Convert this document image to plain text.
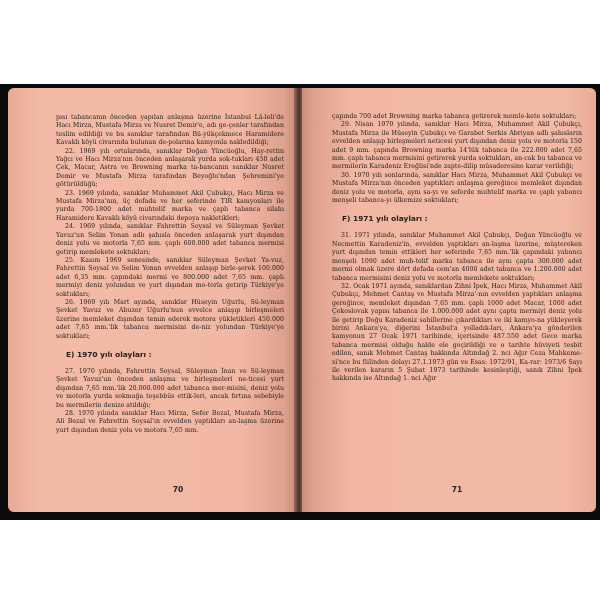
pısı tabancanın önceden yapılan anlaşma üzerine İstanbul Lâ-leli'de Hacı Mirza, Mustafa Mirza ve Nusret Demir'e, adı ge-çenler tarafından teslim edildiği ve bu sanıklar tarafından Bü-yükçekmece Haramidere Kavaklı köyü civarında bulunan de-polarına kamyonla nakledildiği;

22. 1969 yılı ortalarında, sanıklar Doğan Yüncüoğlu, Hay-rettin Yağcı ve Hacı Mirza'nın önceden anlaşarak yurda sok-tukları 450 adet Çek, Macar, Astra ve Browning marka ta-bancanın sanıklar Nusret Demir ve Mustafa Mirza tarafından Beyoğlu'ndan Şehremini'ye götürüldüğü;

23. 1969 yılında, sanıklar Muhammet Akil Çubukçı, Hacı Mirza ve Mustafa Mirza'nın, üç defada ve her seferinde TIR kamyonları ile yurda 700-1800 adet muhtelif marka ve çaplı tabanca silahı Haramidere Kavaklı köyü civarındaki depoya nakletikleri;

24. 1969 yılında, sanıklar Fahrettin Soysal ve Süleyman Şevket Yavuz'un Selim Yonan adlı şahısla önceden anlaşarak yurt dışından deniz yolu ve motorla 7,65 mm. çaplı 600.000 adet tabanca mermisi getirip memlekete soktukları;

25. Kasım 1969 senesinde, sanıklar Süleyman Şevket Ya-vuz, Fahrettin Soysal ve Selim Yonan evvelden anlaşıp birle-şerek 100.000 adet 6,35 mm. çapındaki mermi ve 800.000 adet 7,65 mm. çaplı mermiyi deniz yolundan ve yurt dışından mo-torla getirip Türkiye'ye soktukları;

26. 1969 yılı Mart ayında, sanıklar Hüseyin Uğurlu, Sü-leyman Şevket Yavuz ve Abuzer Uğurlu'nun evvelce anlaşıp birleşmeleri üzerine memleket dışından temin ederek motora yükletikleri 450.000 adet 7,65 mm.'lik tabanca mermisini de-niz yolundan Türkiye'ye soktukları;

E) 1970 yılı olayları :

27. 1970 yılında, Fahrettin Soysal, Süleyman İnan ve Sü-leyman Şevket Yavuz'un önceden anlaşma ve birleşmeleri ne-ticesi yurt dışından 7,65 mm.'lik 20.000.000 adet tabanca mer-misini, deniz yolu ve motorla yurda sokmağa teşebbüs ettik-leri, ancak fırtına sebebiyle bu mermilerin denize atıldığı;

28. 1970 yılında sanıklar Hacı Mirza, Sefer Bezal, Mustafa Mirza, Ali Bezal ve Fahrettin Soysal'ın evvelden yaptıkları an-laşma üzerine yurt dışından deniz yolu ve motora 7,65 mm.

70

çapında 700 adet Browning marka tabanca getirerek memle-kete soktukları;

29. Nisan 1970 yılında, sanıklar Hacı Mirza, Muhammet Akil Çubukçı, Mustafa Mirza ile Hüseyin Çubukçı ve Garabet Serkis Abriyan adlı şahısların evvelden anlaşıp birleşmeleri neticesi yurt dışından deniz yolu ve motorla 150 adet 9 mm. çapında Browning marka 14'lük tabanca ile 222.000 adet 7,65 mm. çaplı tabanca mermisini getirerek yurda soktukları, an-cak bu tabanca ve mermilerin Karadeniz Ereğlisi'nde zapte-dilip müsaderesine karar verildiği;

30. 1970 yılı sonlarında, sanıklar Hacı Mirza, Muhammet Akil Çubukçı ve Mustafa Mirza'nın önceden yaptıkları anlaşma gereğince memleket dışından deniz yolu ve motorla, aynı sa-yı ve seferde muhtelif marka ve çaplı yabancı menşeli tabanca-yı ülkemize soktukları;

F) 1971 yılı olayları :

31. 1971 yılında, sanıklar Muhammet Akil Çubukçı, Doğan Yüncüoğlu ve Necmettin Karadeniz'in, evvelden yaptıkları an-laşma üzerine, müştereken yurt dışından temin ettikleri her seferinde 7,65 mm.'lik çapındaki yabancı menşeli 1090 adet muh-telif marka tabanca ile aynı çapta 300.000 adet mermi olmak üzere dört defada cem'an 4000 adet tabanca ve 1.200.000 adet tabanca mermisini deniz yolu ve motorla memlekete soktukları;

32. Ocak 1971 ayında, sanıklardan Zihni İpek, Hacı Mirza, Muhammet Akil Çubukçı, Mehmet Cantaş ve Mustafa Mirza'-nın evvelden yaptıkları anlaşma gereğince, memleket dışından 7,65 mm. çaplı 1000 adet Macar, 1000 adet Çekoslovak yapısı tabanca ile 1.000.000 adet aynı çapta mermiyi deniz yolu ile getirip Doğu Karadeniz sahillerine çıkardıkları ve iki kamyo-na yükleyerek birini Ankara'ya, diğerini İstanbul'a yolladık-ları, Ankara'ya gönderilen kamyonun 27 Ocak 1971 tarihinde, içerisinde 487.550 adet Geco marka tabanca mermisi olduğu halde ele geçirildiği ve o tarihte hüviyeti tesbit edilen, sanık Mehmet Cantaş hakkında Altındağ 2. nci Ağır Ceza Mahkeme-si'nce bu fiilinden dolayı 27.1.1973 gün ve Esas: 1972/91, Ka-rar: 1973/6 Sayı ile verilen kararın 5 Şubat 1973 tarihinde kesinleştiği, sanık Zihni İpek hakkında ise Altındağ 1. nci Ağır

71
